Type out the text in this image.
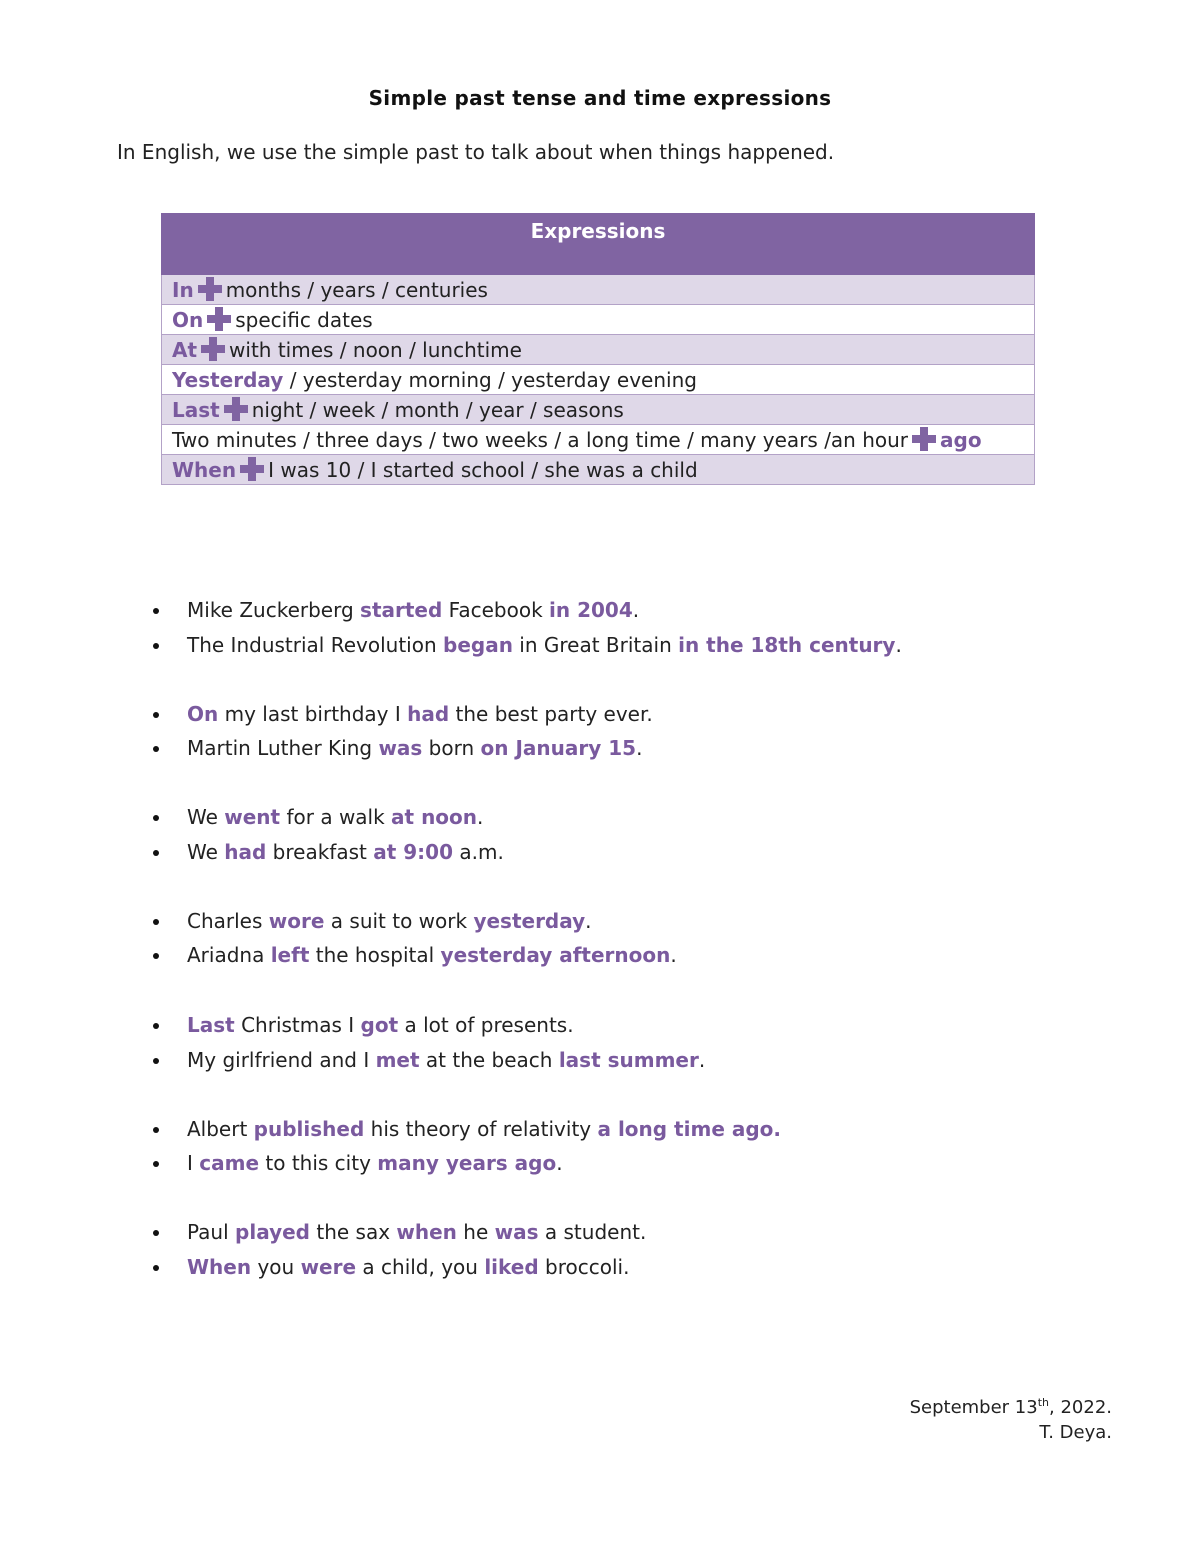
Simple past tense and time expressions
In English, we use the simple past to talk about when things happened.
Expressions
In months / years / centuries
On specific dates
At with times / noon / lunchtime
Yesterday / yesterday morning / yesterday evening
Last night / week / month / year / seasons
Two minutes / three days / two weeks / a long time / many years /an hour ago
When I was 10 / I started school / she was a child
Mike Zuckerberg started Facebook in 2004.
The Industrial Revolution began in Great Britain in the 18th century.
On my last birthday I had the best party ever.
Martin Luther King was born on January 15.
We went for a walk at noon.
We had breakfast at 9:00 a.m.
Charles wore a suit to work yesterday.
Ariadna left the hospital yesterday afternoon.
Last Christmas I got a lot of presents.
My girlfriend and I met at the beach last summer.
Albert published his theory of relativity a long time ago.
I came to this city many years ago.
Paul played the sax when he was a student.
When you were a child, you liked broccoli.
September 13th, 2022.
T. Deya.
